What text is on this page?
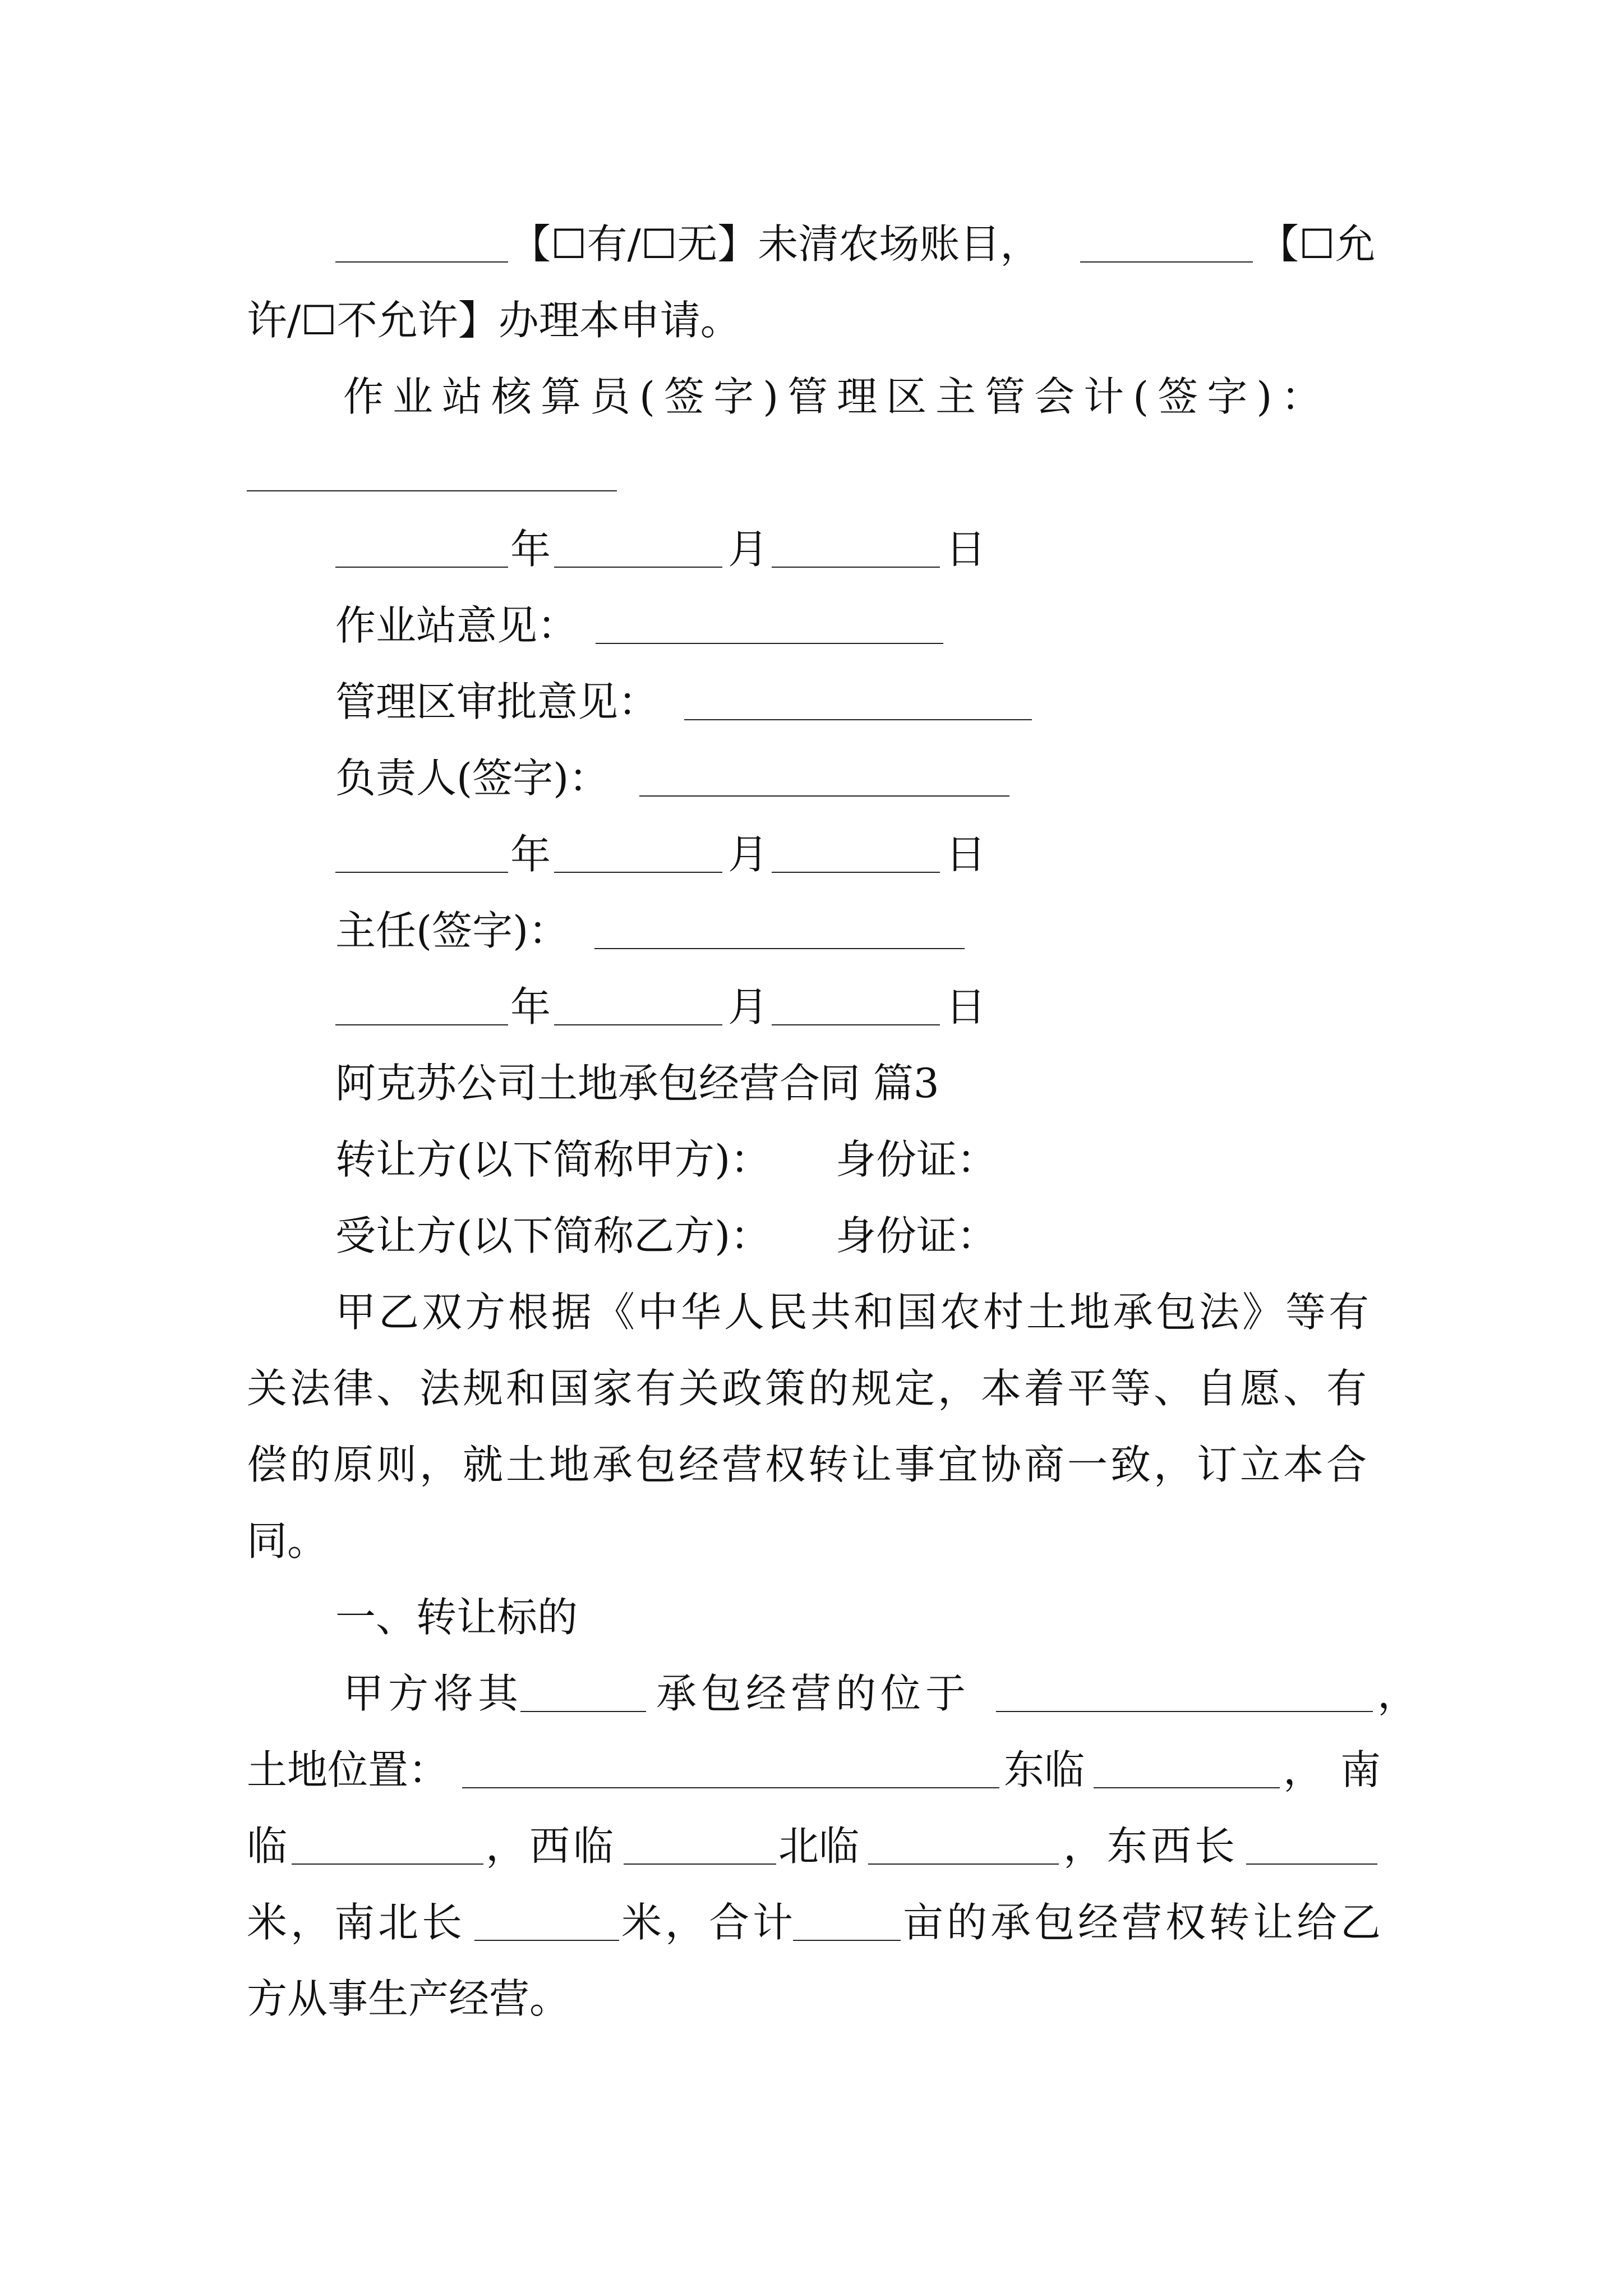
【☐有/☐无】未清农场账目，	【☐允
许/☐不允许】办理本申请。
作业站核算员(签字)管理区主管会计(签字)：
年	月	日
作业站意见：
管理区审批意见：
负责人(签字)：
年	月	日
主任(签字)：
年	月	日
阿克苏公司土地承包经营合同 篇3
转让方(以下简称甲方)： 身份证：
受让方(以下简称乙方)： 身份证：
甲乙双方根据《中华人民共和国农村土地承包法》等有
关法律、法规和国家有关政策的规定，本着平等、自愿、有
偿的原则，就土地承包经营权转让事宜协商一致，订立本合
同。
一、转让标的
甲方将其	承包经营的位于	，
土地位置：	东临	，南
临	，西临	北临	，东西长
米，南北长	米，合计	亩的承包经营权转让给乙
方从事生产经营。
